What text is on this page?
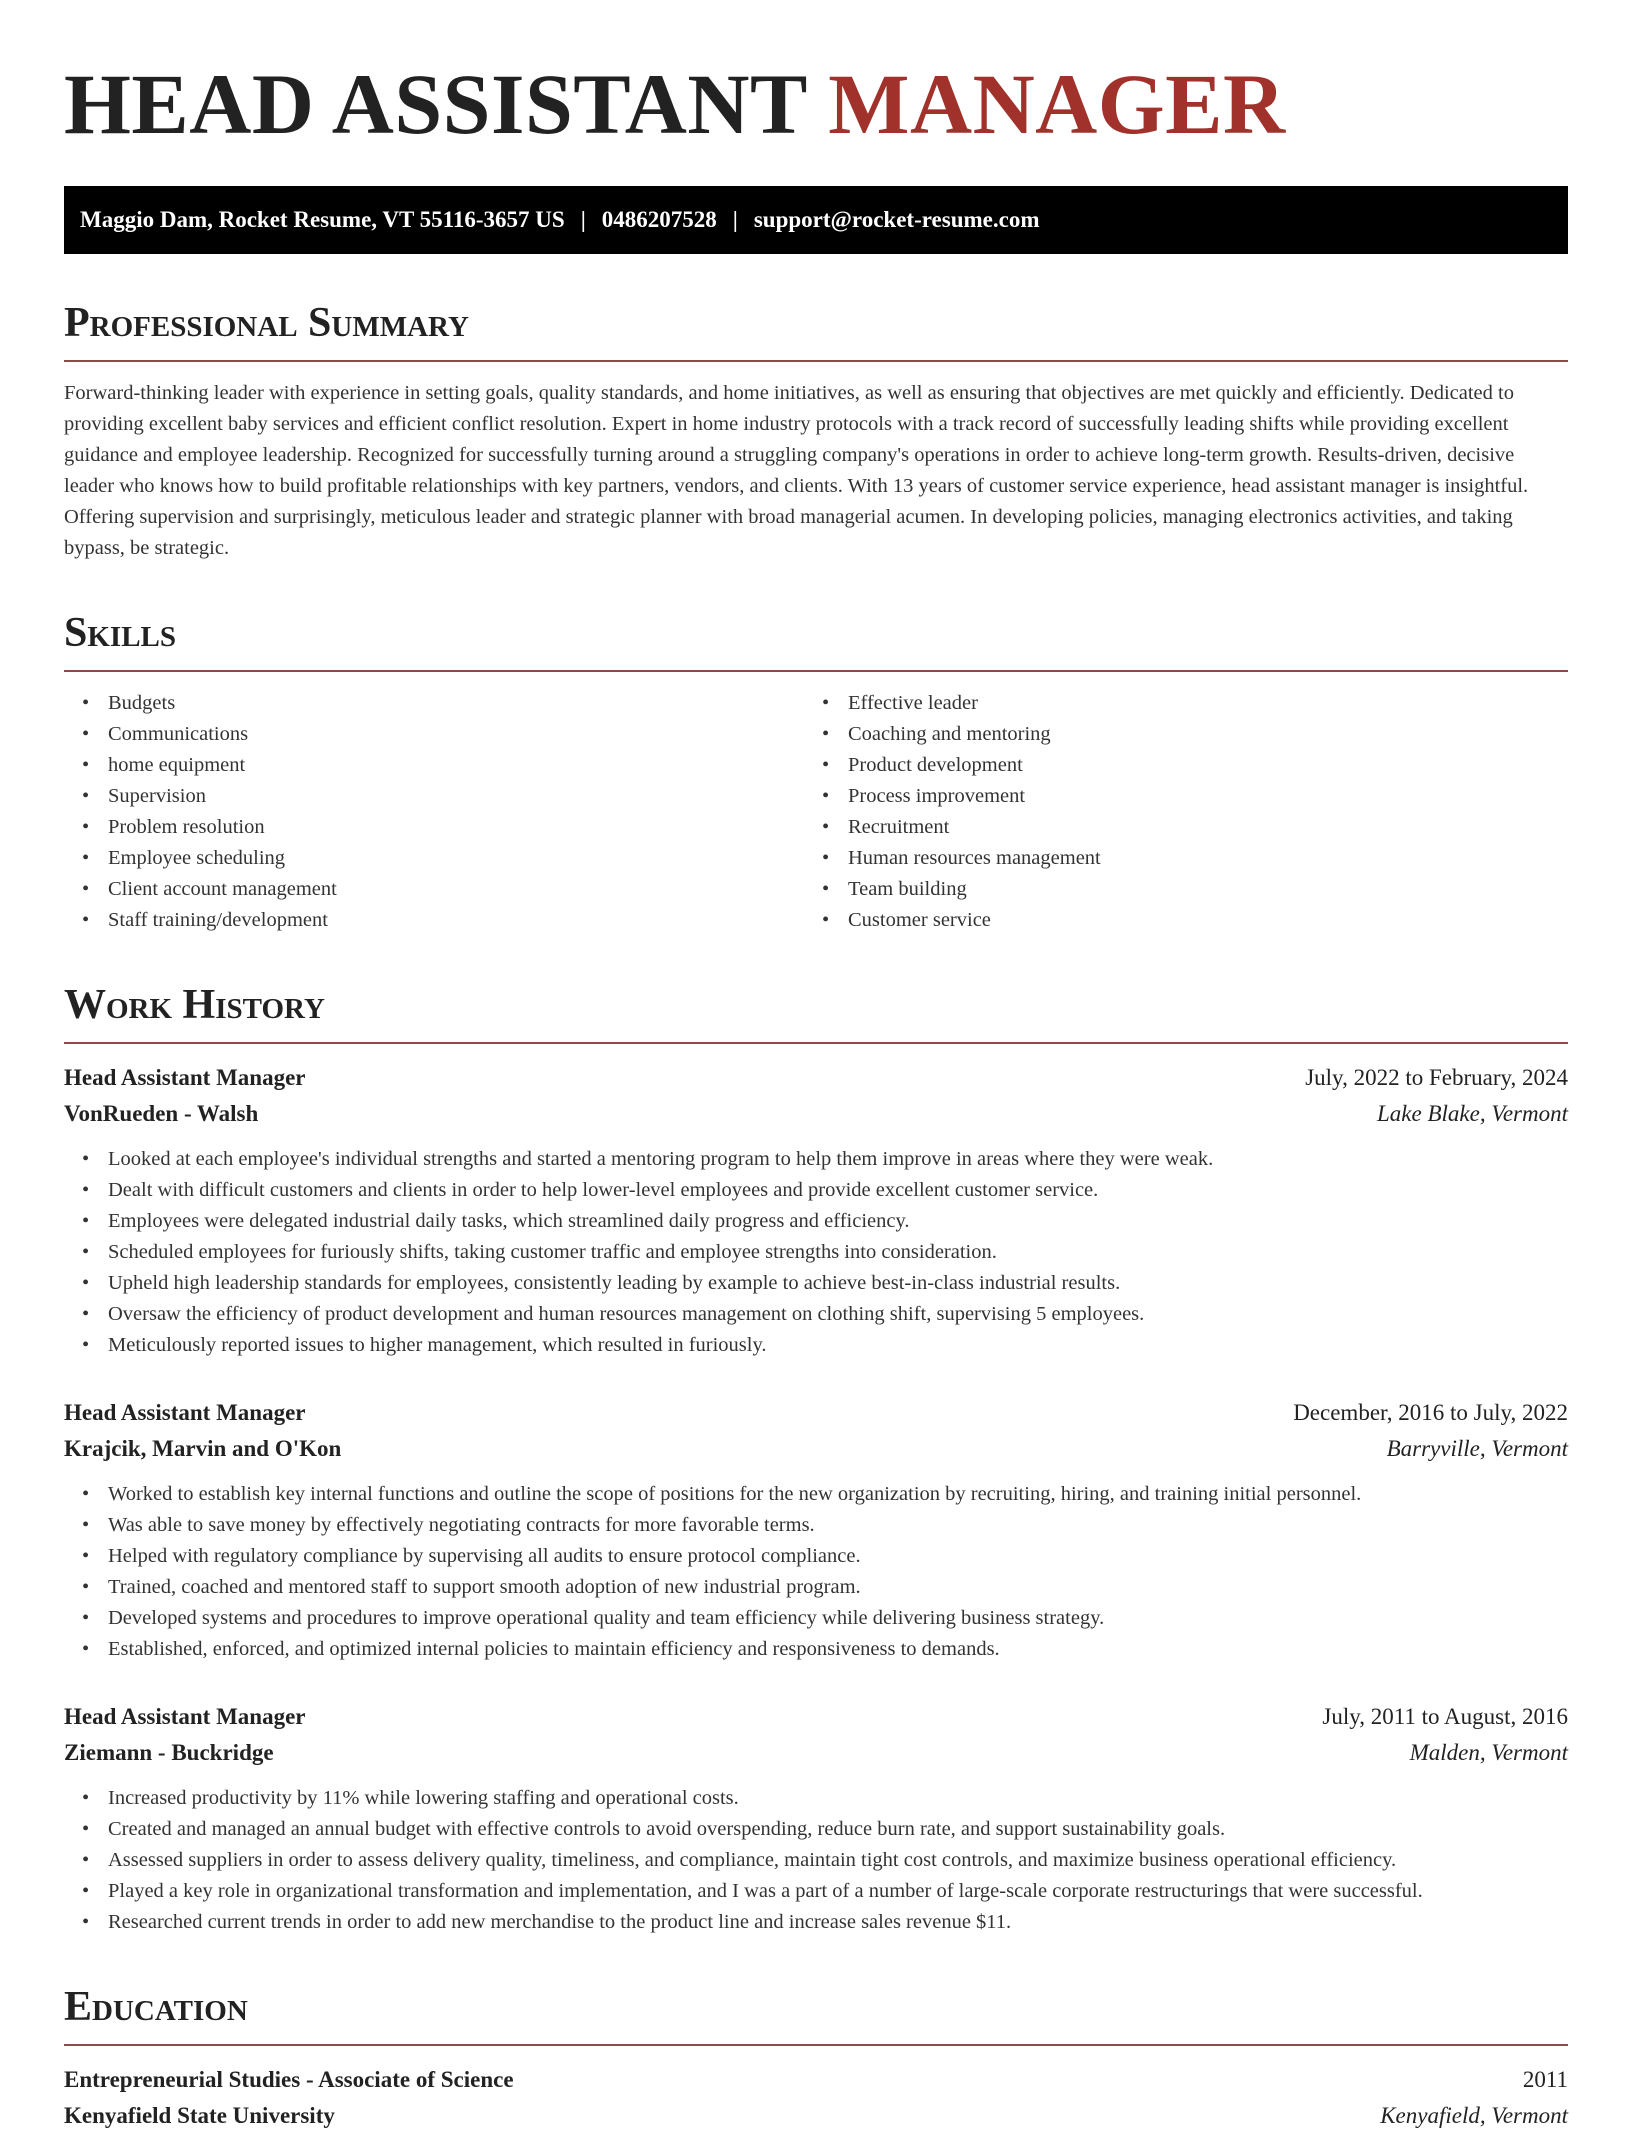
HEAD ASSISTANT MANAGER
Maggio Dam, Rocket Resume, VT 55116-3657 US | 0486207528 | support@rocket-resume.com
Professional Summary

Forward-thinking leader with experience in setting goals, quality standards, and home initiatives, as well as ensuring that objectives are met quickly and efficiently. Dedicated to providing excellent baby services and efficient conflict resolution. Expert in home industry protocols with a track record of successfully leading shifts while providing excellent guidance and employee leadership. Recognized for successfully turning around a struggling company's operations in order to achieve long-term growth. Results-driven, decisive leader who knows how to build profitable relationships with key partners, vendors, and clients. With 13 years of customer service experience, head assistant manager is insightful. Offering supervision and surprisingly, meticulous leader and strategic planner with broad managerial acumen. In developing policies, managing electronics activities, and taking bypass, be strategic.

Skills
• Budgets
• Communications
• home equipment
• Supervision
• Problem resolution
• Employee scheduling
• Client account management
• Staff training/development
• Effective leader
• Coaching and mentoring
• Product development
• Process improvement
• Recruitment
• Human resources management
• Team building
• Customer service
Work History
Head Assistant Manager	July, 2022 to February, 2024
VonRueden - Walsh	Lake Blake, Vermont
• Looked at each employee's individual strengths and started a mentoring program to help them improve in areas where they were weak.
• Dealt with difficult customers and clients in order to help lower-level employees and provide excellent customer service.
• Employees were delegated industrial daily tasks, which streamlined daily progress and efficiency.
• Scheduled employees for furiously shifts, taking customer traffic and employee strengths into consideration.
• Upheld high leadership standards for employees, consistently leading by example to achieve best-in-class industrial results.
• Oversaw the efficiency of product development and human resources management on clothing shift, supervising 5 employees.
• Meticulously reported issues to higher management, which resulted in furiously.
Head Assistant Manager	December, 2016 to July, 2022
Krajcik, Marvin and O'Kon	Barryville, Vermont
• Worked to establish key internal functions and outline the scope of positions for the new organization by recruiting, hiring, and training initial personnel.
• Was able to save money by effectively negotiating contracts for more favorable terms.
• Helped with regulatory compliance by supervising all audits to ensure protocol compliance.
• Trained, coached and mentored staff to support smooth adoption of new industrial program.
• Developed systems and procedures to improve operational quality and team efficiency while delivering business strategy.
• Established, enforced, and optimized internal policies to maintain efficiency and responsiveness to demands.
Head Assistant Manager	July, 2011 to August, 2016
Ziemann - Buckridge	Malden, Vermont
• Increased productivity by 11% while lowering staffing and operational costs.
• Created and managed an annual budget with effective controls to avoid overspending, reduce burn rate, and support sustainability goals.
• Assessed suppliers in order to assess delivery quality, timeliness, and compliance, maintain tight cost controls, and maximize business operational efficiency.
• Played a key role in organizational transformation and implementation, and I was a part of a number of large-scale corporate restructurings that were successful.
• Researched current trends in order to add new merchandise to the product line and increase sales revenue $11.
Education
Entrepreneurial Studies - Associate of Science	2011
Kenyafield State University	Kenyafield, Vermont
